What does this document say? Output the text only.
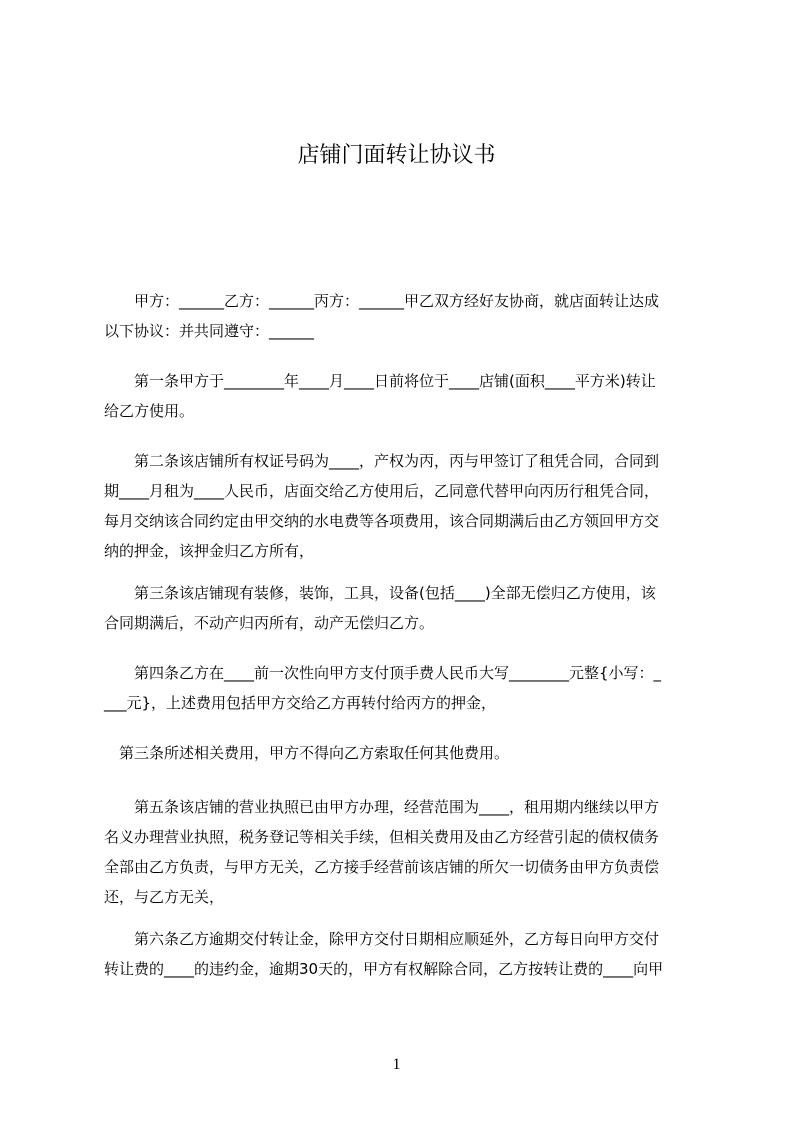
店铺门面转让协议书
　　甲方：______乙方：______丙方：______甲乙双方经好友协商，就店面转让达成
以下协议：并共同遵守：______
　　第一条甲方于________年____月____日前将位于____店铺(面积____平方米)转让
给乙方使用。
　　第二条该店铺所有权证号码为____，产权为丙，丙与甲签订了租凭合同，合同到
期____月租为____人民币，店面交给乙方使用后，乙同意代替甲向丙历行租凭合同，
每月交纳该合同约定由甲交纳的水电费等各项费用，该合同期满后由乙方领回甲方交
纳的押金，该押金归乙方所有，
　　第三条该店铺现有装修，装饰，工具，设备(包括____)全部无偿归乙方使用，该
合同期满后，不动产归丙所有，动产无偿归乙方。
　　第四条乙方在____前一次性向甲方支付顶手费人民币大写________元整{小写：_
___元}，上述费用包括甲方交给乙方再转付给丙方的押金，
　第三条所述相关费用，甲方不得向乙方索取任何其他费用。
　　第五条该店铺的营业执照已由甲方办理，经营范围为____，租用期内继续以甲方
名义办理营业执照，税务登记等相关手续，但相关费用及由乙方经营引起的债权债务
全部由乙方负责，与甲方无关，乙方接手经营前该店铺的所欠一切债务由甲方负责偿
还，与乙方无关，
　　第六条乙方逾期交付转让金，除甲方交付日期相应顺延外，乙方每日向甲方交付
转让费的____的违约金，逾期30天的，甲方有权解除合同，乙方按转让费的____向甲
1
